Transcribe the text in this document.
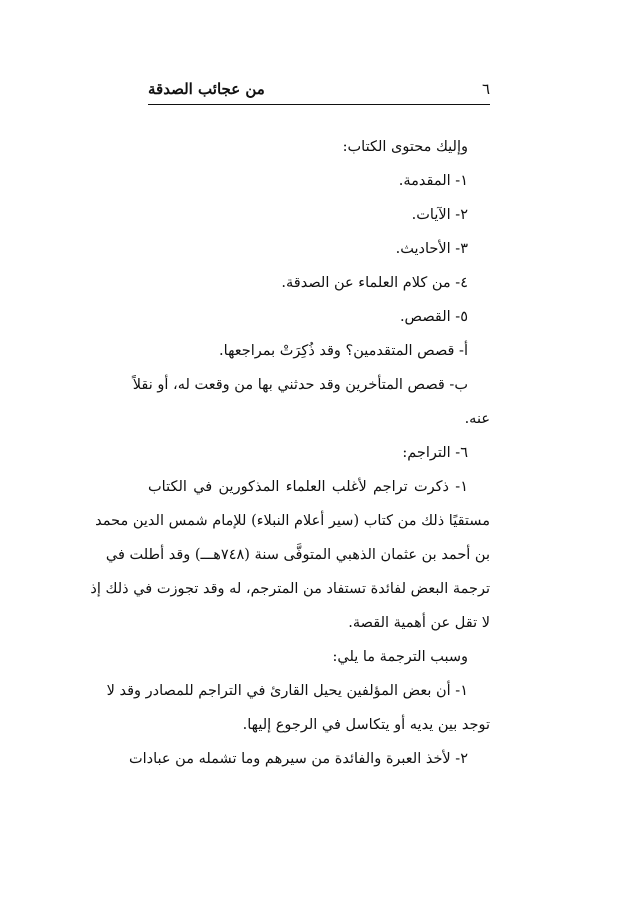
٦
من عجائب الصدقة
وإليك محتوى الكتاب:
١- المقدمة.
٢- الآيات.
٣- الأحاديث.
٤- من كلام العلماء عن الصدقة.
٥- القصص.
أ- قصص المتقدمين؟ وقد ذُكِرَتْ بمراجعها.
ب- قصص المتأخرين وقد حدثني بها من وقعت له، أو نقلاً
عنه.
٦- التراجم:
١- ذكرت تراجم لأغلب العلماء المذكورين في الكتاب
مستقيًا ذلك من كتاب (سير أعلام النبلاء) للإمام شمس الدين محمد
بن أحمد بن عثمان الذهبي المتوفَّى سنة (٧٤٨هـــ) وقد أطلت في
ترجمة البعض لفائدة تستفاد من المترجم، له وقد تجوزت في ذلك إذ
لا تقل عن أهمية القصة.
وسبب الترجمة ما يلي:
١- أن بعض المؤلفين يحيل القارئ في التراجم للمصادر وقد لا
توجد بين يديه أو يتكاسل في الرجوع إليها.
٢- لأخذ العبرة والفائدة من سيرهم وما تشمله من عبادات
